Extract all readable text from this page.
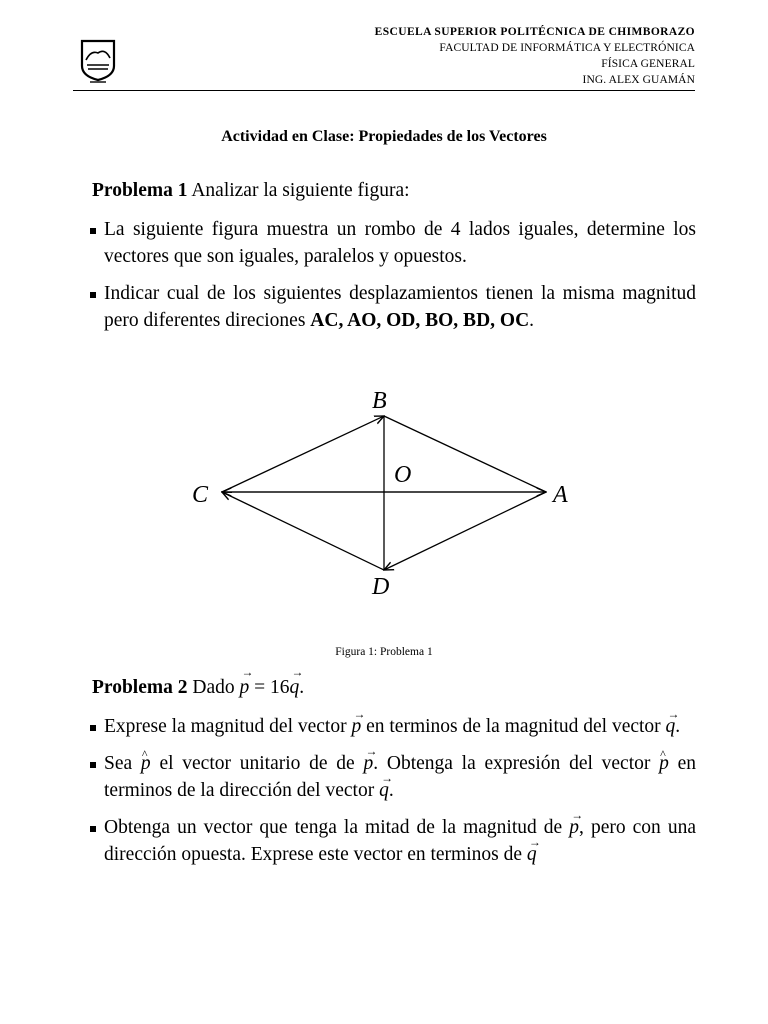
ESCUELA SUPERIOR POLITÉCNICA DE CHIMBORAZO
FACULTAD DE INFORMÁTICA Y ELECTRÓNICA
FÍSICA GENERAL
ING. ALEX GUAMÁN
Actividad en Clase: Propiedades de los Vectores
Problema 1 Analizar la siguiente figura:
La siguiente figura muestra un rombo de 4 lados iguales, determine los vectores que son iguales, paralelos y opuestos.
Indicar cual de los siguientes desplazamientos tienen la misma magnitud pero diferentes direciones AC, AO, OD, BO, BD, OC.
B
O
C	A
D
Figura 1: Problema 1
Problema 2 Dado p → = 16q →.
Exprese la magnitud del vector p → en terminos de la magnitud del vector q →.
Sea p ^ el vector unitario de de p →. Obtenga la expresión del vector p ^ en terminos de la dirección del vector q →.
Obtenga un vector que tenga la mitad de la magnitud de p →, pero con una dirección opuesta. Exprese este vector en terminos de q →
